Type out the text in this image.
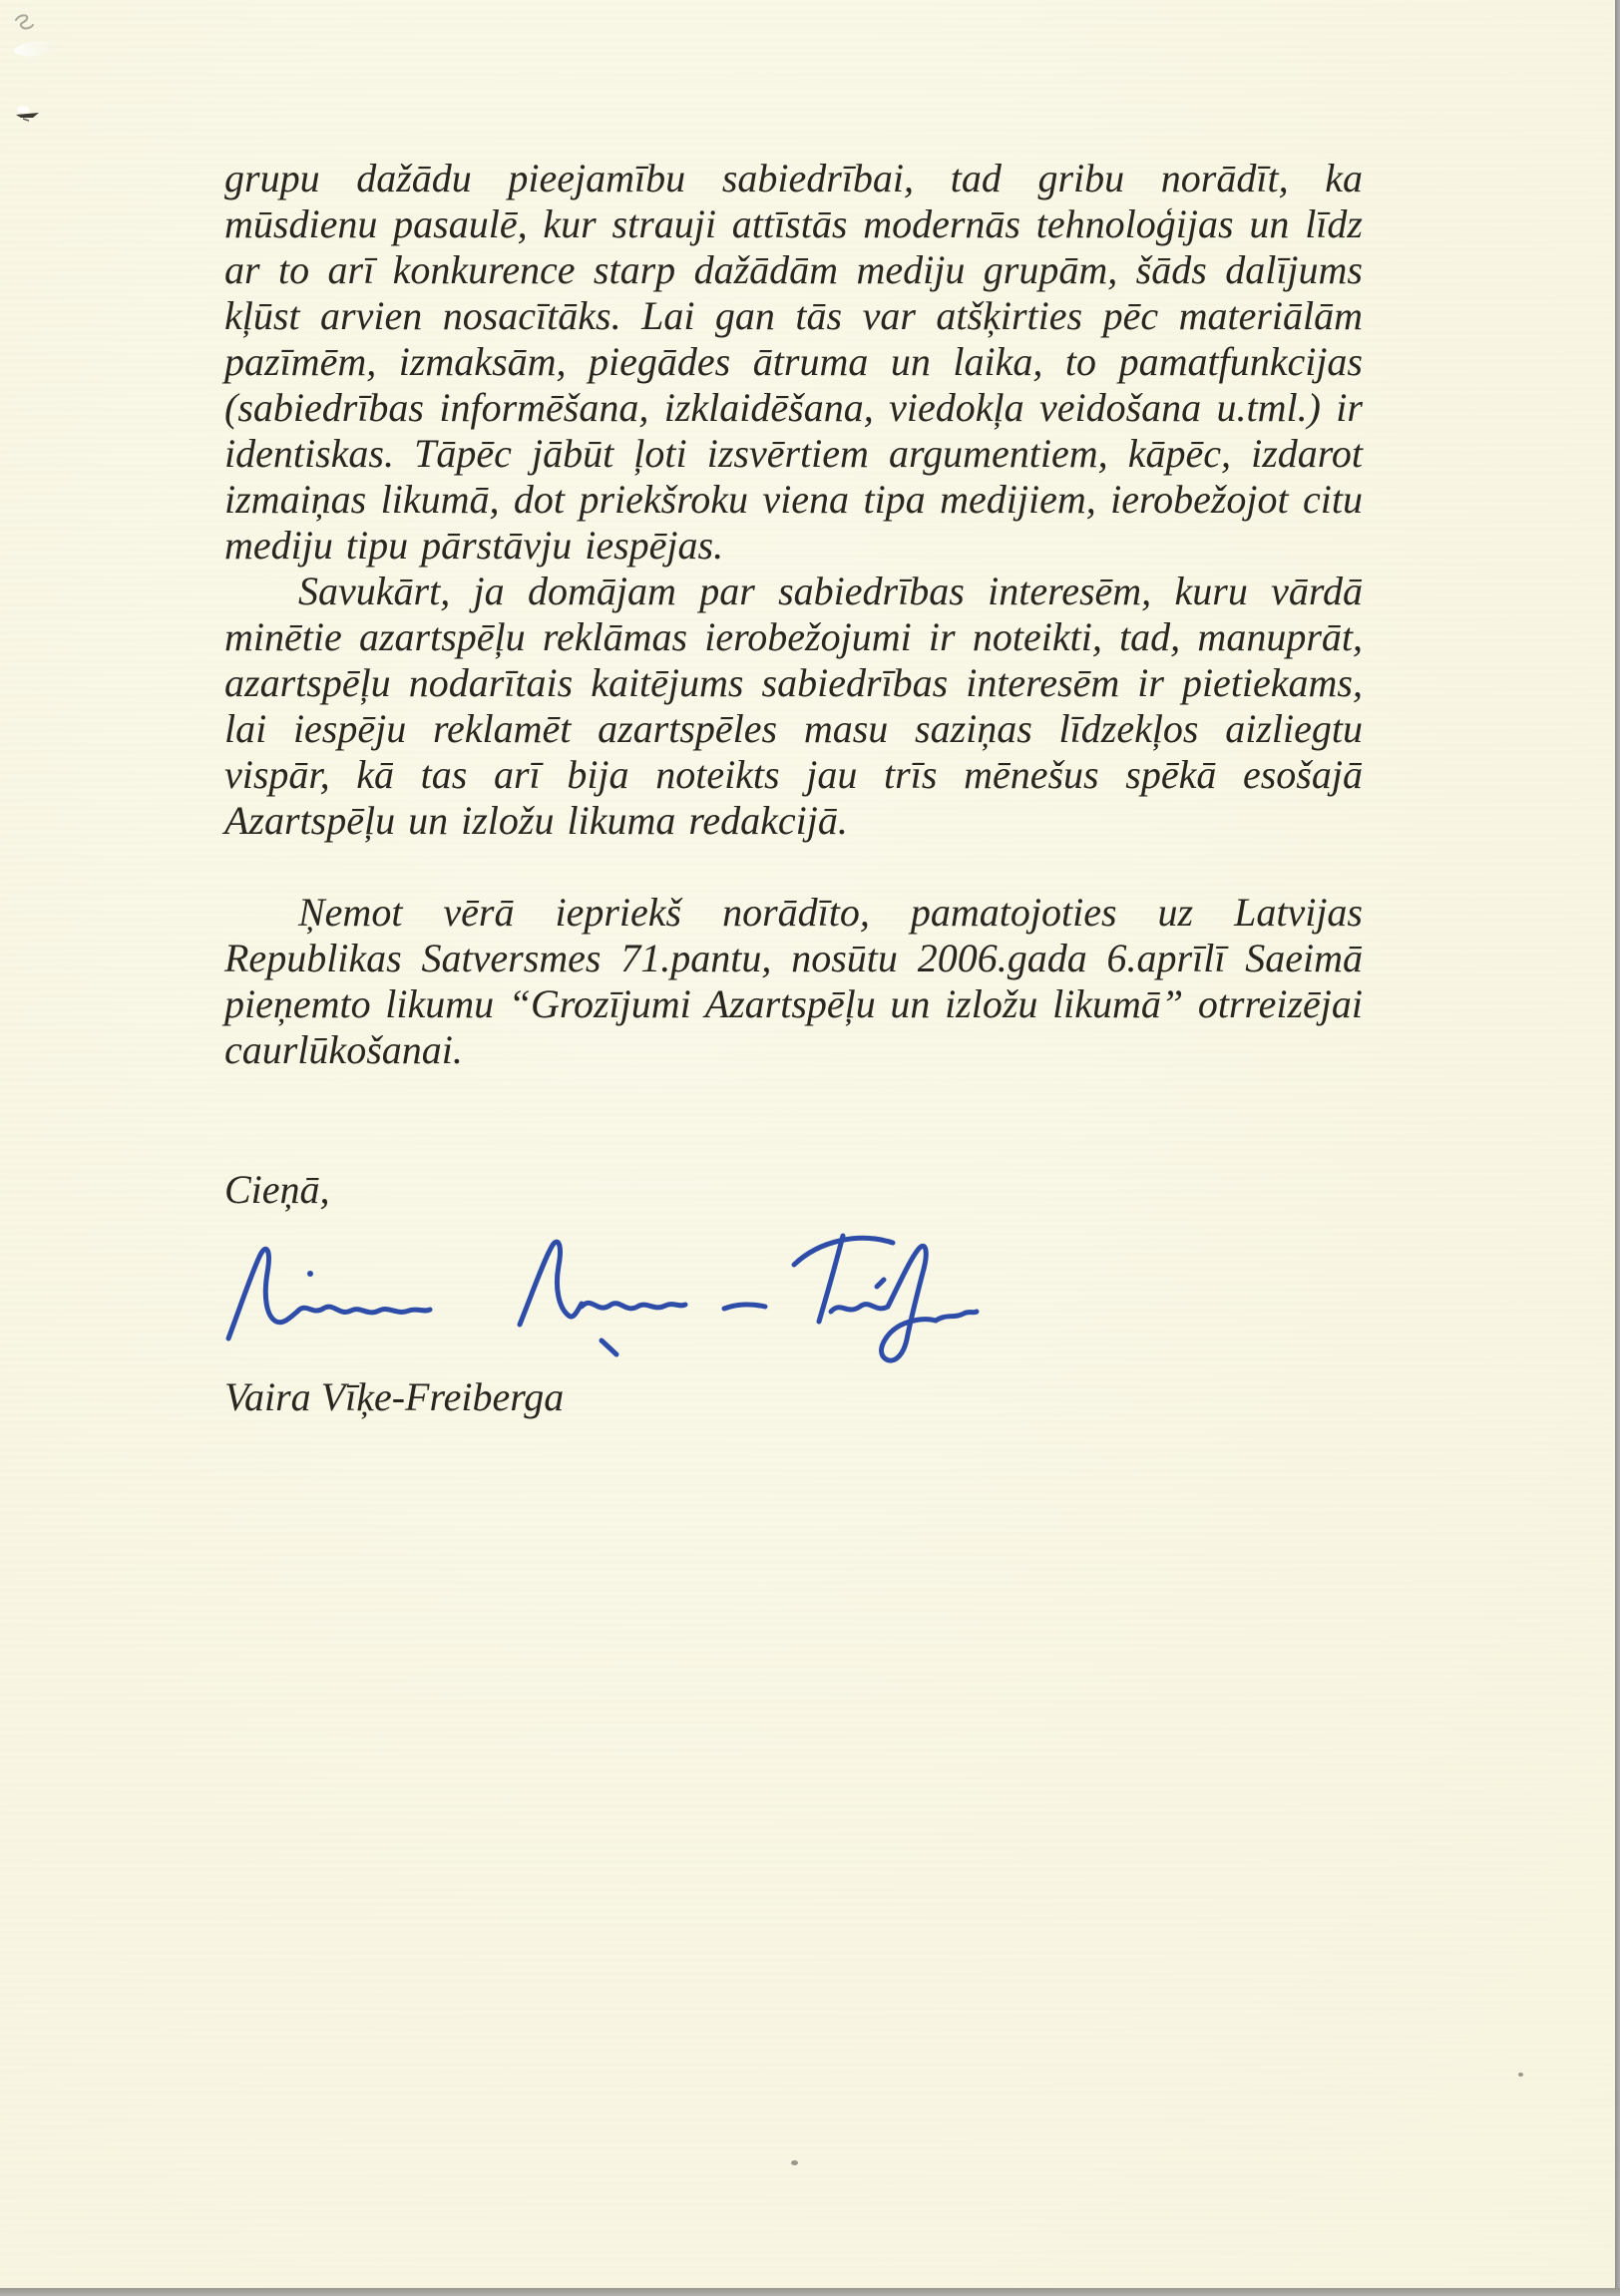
grupu dažādu pieejamību sabiedrībai, tad gribu norādīt, ka mūsdienu pasaulē, kur strauji attīstās modernās tehnoloģijas un līdz ar to arī konkurence starp dažādām mediju grupām, šāds dalījums kļūst arvien nosacītāks. Lai gan tās var atšķirties pēc materiālām pazīmēm, izmaksām, piegādes ātruma un laika, to pamatfunkcijas (sabiedrības informēšana, izklaidēšana, viedokļa veidošana u.tml.) ir identiskas. Tāpēc jābūt ļoti izsvērtiem argumentiem, kāpēc, izdarot izmaiņas likumā, dot priekšroku viena tipa medijiem, ierobežojot citu mediju tipu pārstāvju iespējas.

Savukārt, ja domājam par sabiedrības interesēm, kuru vārdā minētie azartspēļu reklāmas ierobežojumi ir noteikti, tad, manuprāt, azartspēļu nodarītais kaitējums sabiedrības interesēm ir pietiekams, lai iespēju reklamēt azartspēles masu saziņas līdzekļos aizliegtu vispār, kā tas arī bija noteikts jau trīs mēnešus spēkā esošajā Azartspēļu un izložu likuma redakcijā.

Ņemot vērā iepriekš norādīto, pamatojoties uz Latvijas Republikas Satversmes 71.pantu, nosūtu 2006.gada 6.aprīlī Saeimā pieņemto likumu “Grozījumi Azartspēļu un izložu likumā” otrreizējai caurlūkošanai.

Cieņā,

Vaira Vīķe-Freiberga
